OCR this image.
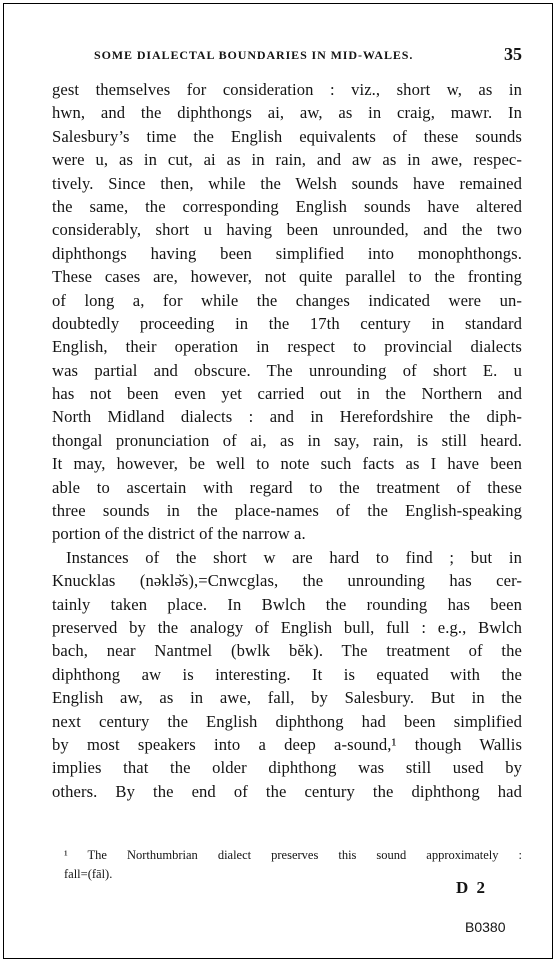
SOME DIALECTAL BOUNDARIES IN MID-WALES.	35
gest themselves for consideration : viz., short w, as in
hwn, and the diphthongs ai, aw, as in craig, mawr. In
Salesbury’s time the English equivalents of these sounds
were u, as in cut, ai as in rain, and aw as in awe, respec-
tively. Since then, while the Welsh sounds have remained
the same, the corresponding English sounds have altered
considerably, short u having been unrounded, and the two
diphthongs having been simplified into monophthongs.
These cases are, however, not quite parallel to the fronting
of long a, for while the changes indicated were un-
doubtedly proceeding in the 17th century in standard
English, their operation in respect to provincial dialects
was partial and obscure. The unrounding of short E. u
has not been even yet carried out in the Northern and
North Midland dialects : and in Herefordshire the diph-
thongal pronunciation of ai, as in say, rain, is still heard.
It may, however, be well to note such facts as I have been
able to ascertain with regard to the treatment of these
three sounds in the place-names of the English-speaking
portion of the district of the narrow a.
Instances of the short w are hard to find ; but in
Knucklas (nəklə̆s),=Cnwcglas, the unrounding has cer-
tainly taken place. In Bwlch the rounding has been
preserved by the analogy of English bull, full : e.g., Bwlch
bach, near Nantmel (bwlk bĕk). The treatment of the
diphthong aw is interesting. It is equated with the
English aw, as in awe, fall, by Salesbury. But in the
next century the English diphthong had been simplified
by most speakers into a deep a-sound,¹ though Wallis
implies that the older diphthong was still used by
others. By the end of the century the diphthong had
¹ The Northumbrian dialect preserves this sound approximately :
fall=(fāl).
D 2
B0380
